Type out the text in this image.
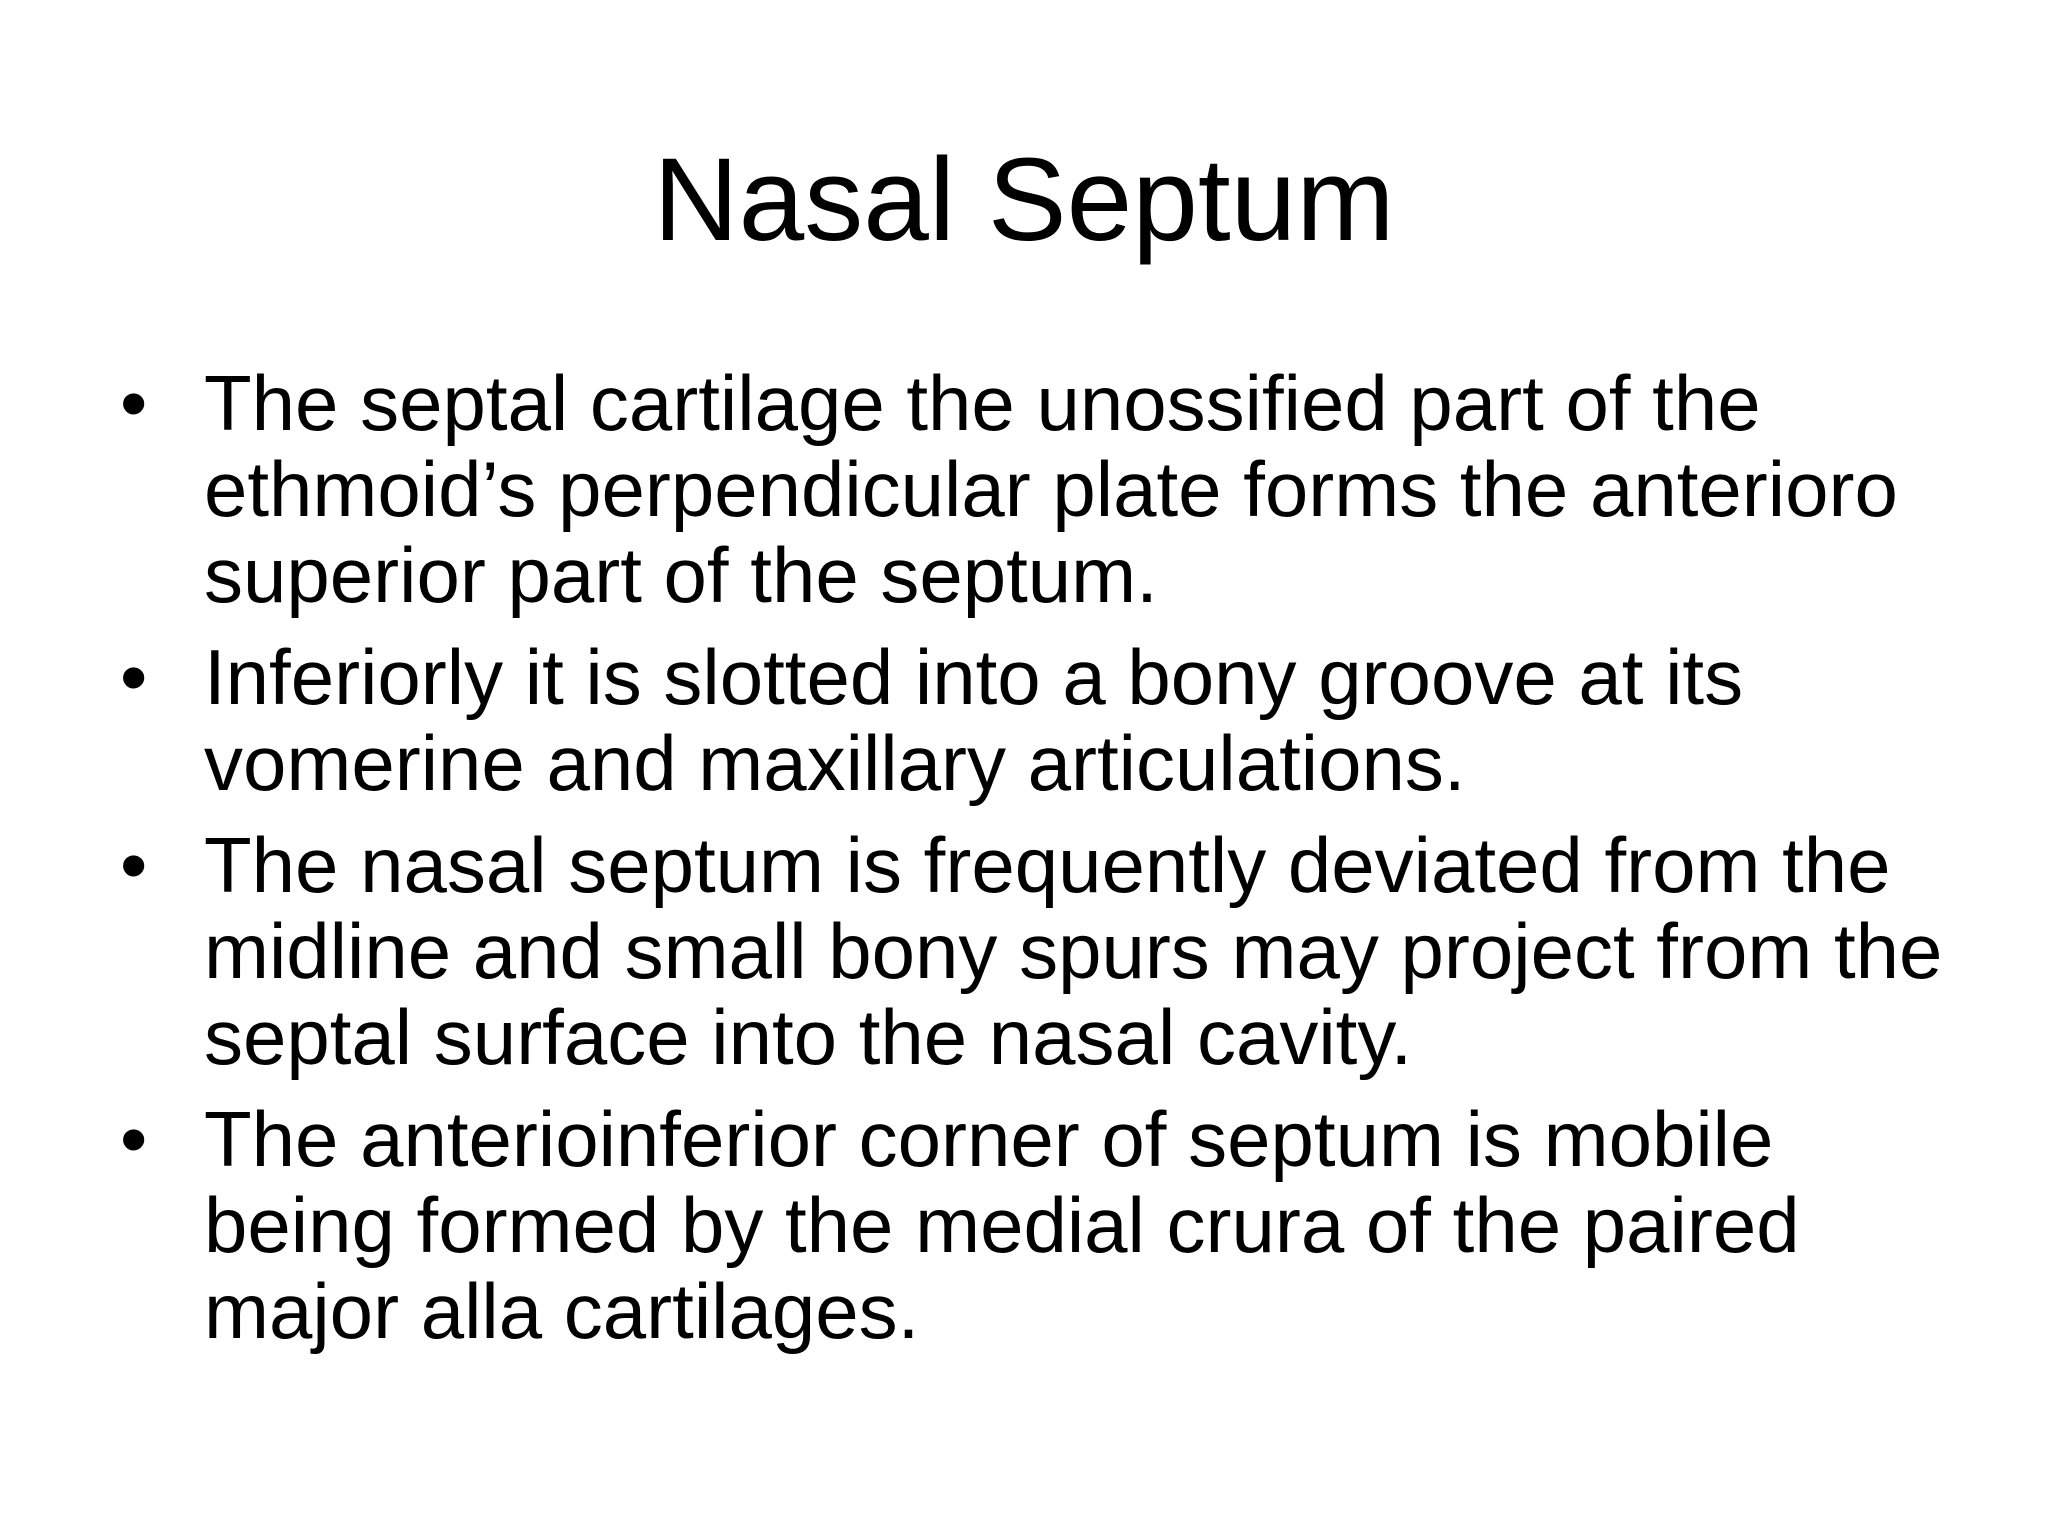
Nasal Septum
• The septal cartilage the unossified part of the ethmoid’s perpendicular plate forms the anterioro superior part of the septum.
• Inferiorly it is slotted into a bony groove at its vomerine and maxillary articulations.
• The nasal septum is frequently deviated from the midline and small bony spurs may project from the septal surface into the nasal cavity.
• The anterioinferior corner of septum is mobile being formed by the medial crura of the paired major alla cartilages.
